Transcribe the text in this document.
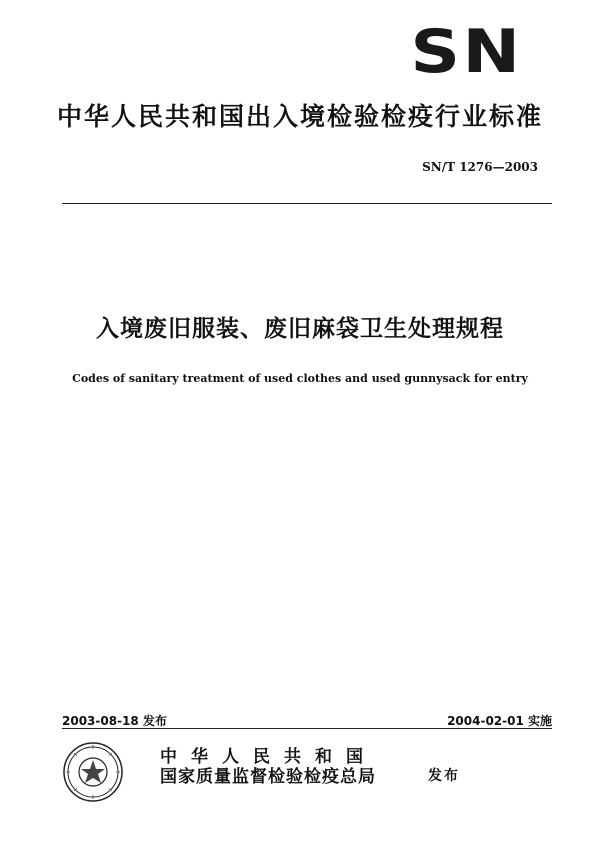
SN
中华人民共和国出入境检验检疫行业标准
SN/T 1276—2003
入境废旧服装、废旧麻袋卫生处理规程
Codes of sanitary treatment of used clothes and used gunnysack for entry
2003-08-18 发布	2004-02-01 实施
中华人民共和国
国家质量监督检验检疫总局	发布
